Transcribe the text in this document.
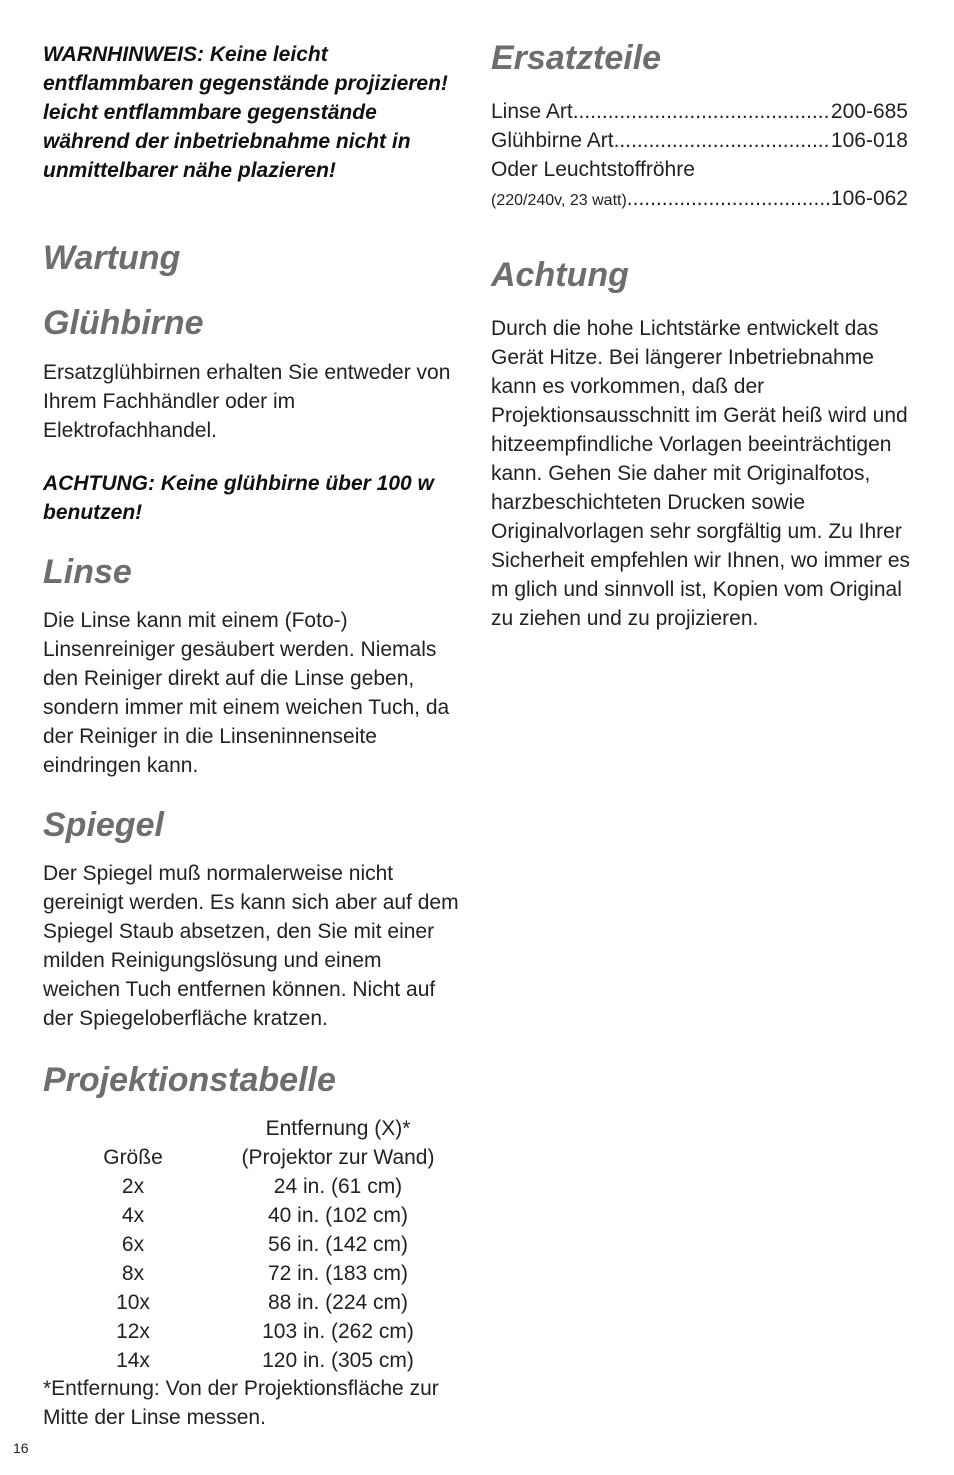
WARNHINWEIS: Keine leicht entflammbaren gegenstände projizieren! leicht entflammbare gegenstände während der inbetriebnahme nicht in unmittelbarer nähe plazieren!

Wartung
Glühbirne

Ersatzglühbirnen erhalten Sie entweder von Ihrem Fachhändler oder im Elektrofachhandel.

ACHTUNG: Keine glühbirne über 100 w benutzen!

Linse

Die Linse kann mit einem (Foto-) Linsenreiniger gesäubert werden. Niemals den Reiniger direkt auf die Linse geben, sondern immer mit einem weichen Tuch, da der Reiniger in die Linseninnenseite eindringen kann.

Spiegel

Der Spiegel muß normalerweise nicht gereinigt werden. Es kann sich aber auf dem Spiegel Staub absetzen, den Sie mit einer milden Reinigungslösung und einem weichen Tuch entfernen können. Nicht auf der Spiegeloberfläche kratzen.

Projektionstabelle
	Entfernung (X)*
Größe	(Projektor zur Wand)
2x	24 in. (61 cm)
4x	40 in. (102 cm)
6x	56 in. (142 cm)
8x	72 in. (183 cm)
10x	88 in. (224 cm)
12x	103 in. (262 cm)
14x	120 in. (305 cm)

*Entfernung: Von der Projektionsfläche zur Mitte der Linse messen.

Ersatzteile
Linse Art .....	200-685
Glühbirne Art .....	106-018
Oder Leuchtstoffröhre
(220/240v, 23 watt) .....	106-062
Achtung

Durch die hohe Lichtstärke entwickelt das Gerät Hitze. Bei längerer Inbetriebnahme kann es vorkommen, daß der Projektionsausschnitt im Gerät heiß wird und hitzeempfindliche Vorlagen beeinträchtigen kann. Gehen Sie daher mit Originalfotos, harzbeschichteten Drucken sowie Originalvorlagen sehr sorgfältig um. Zu Ihrer Sicherheit empfehlen wir Ihnen, wo immer es m glich und sinnvoll ist, Kopien vom Original zu ziehen und zu projizieren.

16
